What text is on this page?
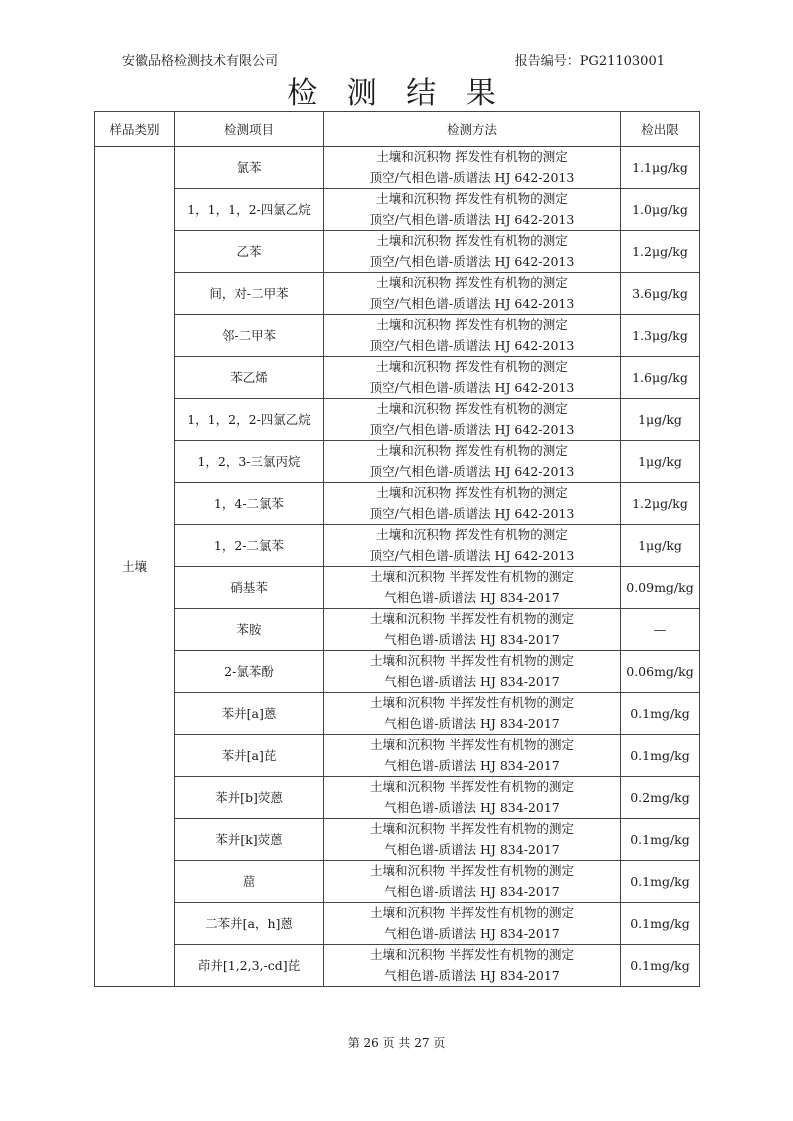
安徽品格检测技术有限公司	报告编号：PG21103001
检 测 结 果
样品类别	检测项目	检测方法	检出限
土壤	氯苯	土壤和沉积物 挥发性有机物的测定
顶空/气相色谱-质谱法 HJ 642-2013	1.1μg/kg
	1，1，1，2-四氯乙烷	土壤和沉积物 挥发性有机物的测定
顶空/气相色谱-质谱法 HJ 642-2013	1.0μg/kg
	乙苯	土壤和沉积物 挥发性有机物的测定
顶空/气相色谱-质谱法 HJ 642-2013	1.2μg/kg
	间，对-二甲苯	土壤和沉积物 挥发性有机物的测定
顶空/气相色谱-质谱法 HJ 642-2013	3.6μg/kg
	邻-二甲苯	土壤和沉积物 挥发性有机物的测定
顶空/气相色谱-质谱法 HJ 642-2013	1.3μg/kg
	苯乙烯	土壤和沉积物 挥发性有机物的测定
顶空/气相色谱-质谱法 HJ 642-2013	1.6μg/kg
	1，1，2，2-四氯乙烷	土壤和沉积物 挥发性有机物的测定
顶空/气相色谱-质谱法 HJ 642-2013	1μg/kg
	1，2，3-三氯丙烷	土壤和沉积物 挥发性有机物的测定
顶空/气相色谱-质谱法 HJ 642-2013	1μg/kg
	1，4-二氯苯	土壤和沉积物 挥发性有机物的测定
顶空/气相色谱-质谱法 HJ 642-2013	1.2μg/kg
	1，2-二氯苯	土壤和沉积物 挥发性有机物的测定
顶空/气相色谱-质谱法 HJ 642-2013	1μg/kg
	硝基苯	土壤和沉积物 半挥发性有机物的测定
气相色谱-质谱法 HJ 834-2017	0.09mg/kg
	苯胺	土壤和沉积物 半挥发性有机物的测定
气相色谱-质谱法 HJ 834-2017	—
	2-氯苯酚	土壤和沉积物 半挥发性有机物的测定
气相色谱-质谱法 HJ 834-2017	0.06mg/kg
	苯并[a]蒽	土壤和沉积物 半挥发性有机物的测定
气相色谱-质谱法 HJ 834-2017	0.1mg/kg
	苯并[a]芘	土壤和沉积物 半挥发性有机物的测定
气相色谱-质谱法 HJ 834-2017	0.1mg/kg
	苯并[b]荧蒽	土壤和沉积物 半挥发性有机物的测定
气相色谱-质谱法 HJ 834-2017	0.2mg/kg
	苯并[k]荧蒽	土壤和沉积物 半挥发性有机物的测定
气相色谱-质谱法 HJ 834-2017	0.1mg/kg
	䓛	土壤和沉积物 半挥发性有机物的测定
气相色谱-质谱法 HJ 834-2017	0.1mg/kg
	二苯并[a，h]蒽	土壤和沉积物 半挥发性有机物的测定
气相色谱-质谱法 HJ 834-2017	0.1mg/kg
	茚并[1,2,3,-cd]芘	土壤和沉积物 半挥发性有机物的测定
气相色谱-质谱法 HJ 834-2017	0.1mg/kg
第 26 页 共 27 页
